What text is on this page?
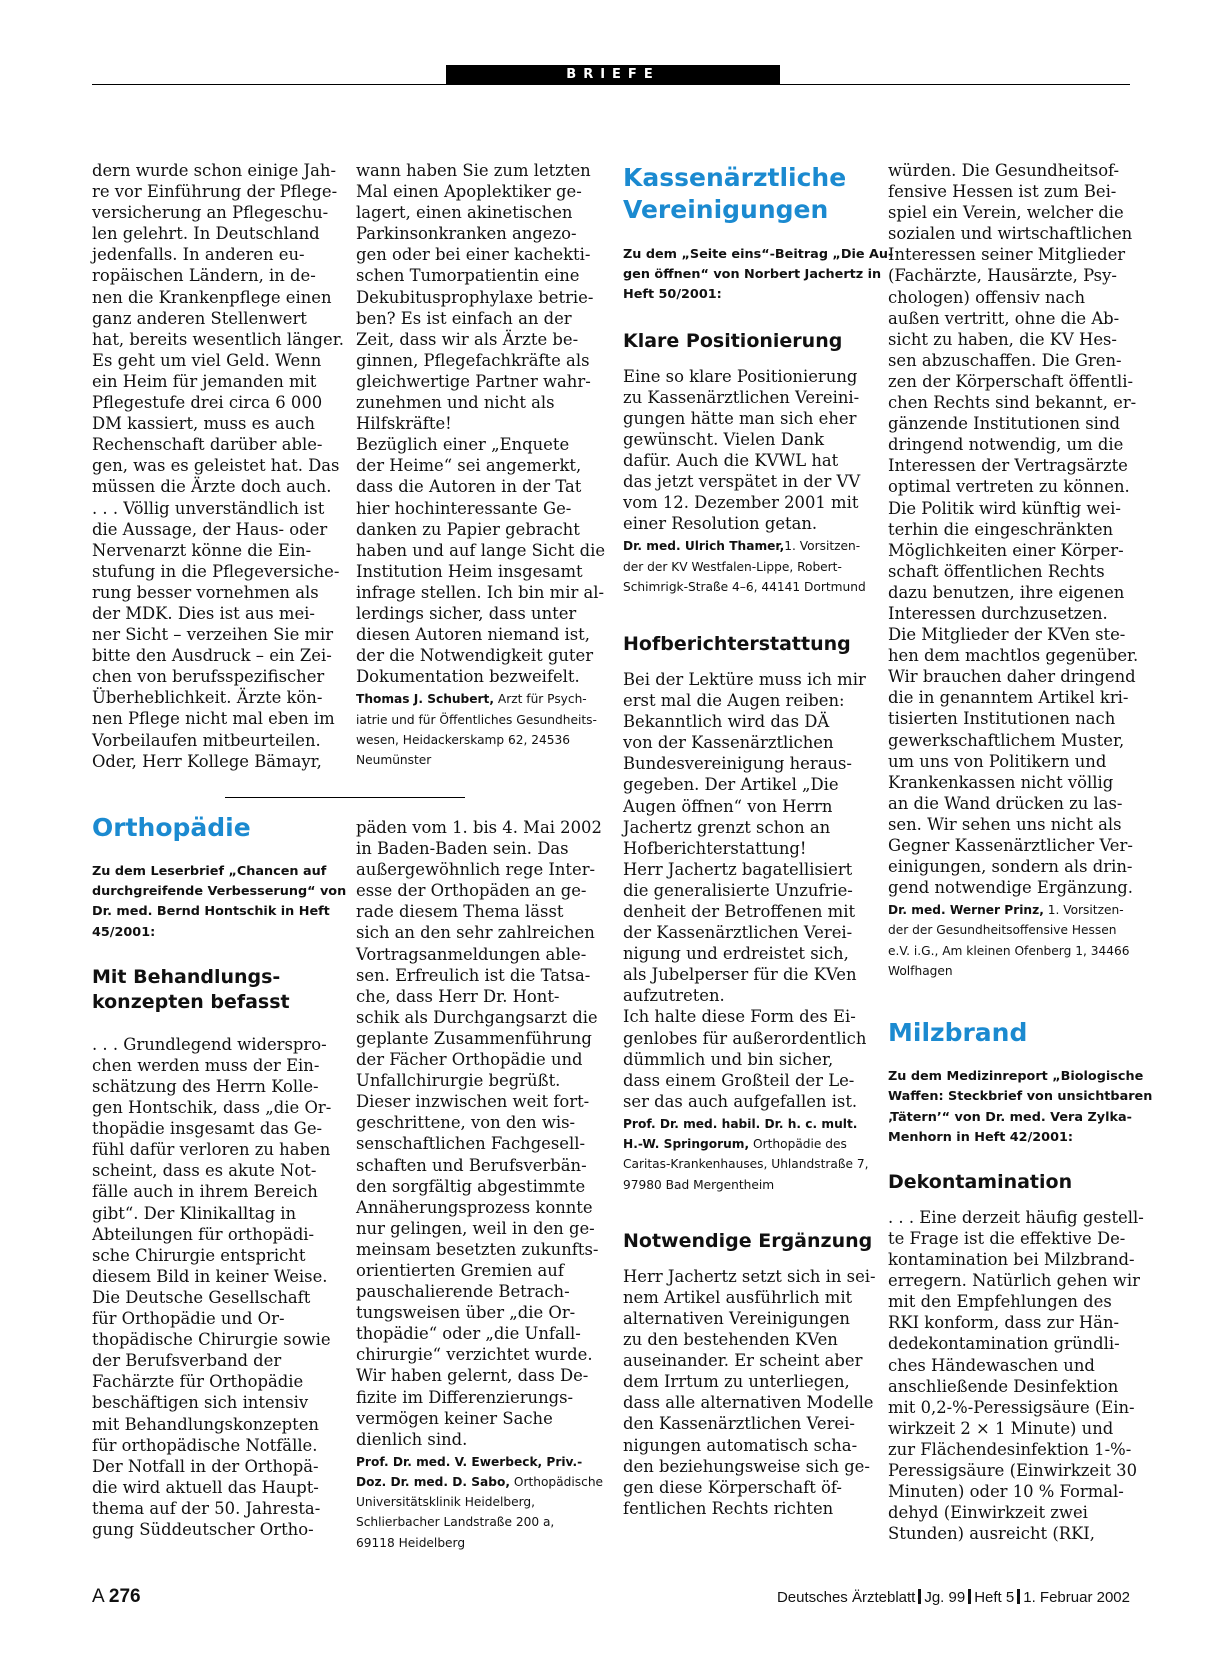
BRIEFE

dern wurde schon einige Jah-
re vor Einführung der Pflege-
versicherung an Pflegeschu-
len gelehrt. In Deutschland
jedenfalls. In anderen eu-
ropäischen Ländern, in de-
nen die Krankenpflege einen
ganz anderen Stellenwert
hat, bereits wesentlich länger.
Es geht um viel Geld. Wenn
ein Heim für jemanden mit
Pflegestufe drei circa 6 000
DM kassiert, muss es auch
Rechenschaft darüber able-
gen, was es geleistet hat. Das
müssen die Ärzte doch auch.
. . . Völlig unverständlich ist
die Aussage, der Haus- oder
Nervenarzt könne die Ein-
stufung in die Pflegeversiche-
rung besser vornehmen als
der MDK. Dies ist aus mei-
ner Sicht – verzeihen Sie mir
bitte den Ausdruck – ein Zei-
chen von berufsspezifischer
Überheblichkeit. Ärzte kön-
nen Pflege nicht mal eben im
Vorbeilaufen mitbeurteilen.
Oder, Herr Kollege Bämayr,

wann haben Sie zum letzten
Mal einen Apoplektiker ge-
lagert, einen akinetischen
Parkinsonkranken angezo-
gen oder bei einer kachekti-
schen Tumorpatientin eine
Dekubitusprophylaxe betrie-
ben? Es ist einfach an der
Zeit, dass wir als Ärzte be-
ginnen, Pflegefachkräfte als
gleichwertige Partner wahr-
zunehmen und nicht als
Hilfskräfte!
Bezüglich einer „Enquete
der Heime“ sei angemerkt,
dass die Autoren in der Tat
hier hochinteressante Ge-
danken zu Papier gebracht
haben und auf lange Sicht die
Institution Heim insgesamt
infrage stellen. Ich bin mir al-
lerdings sicher, dass unter
diesen Autoren niemand ist,
der die Notwendigkeit guter
Dokumentation bezweifelt.

Thomas J. Schubert, Arzt für Psych-
iatrie und für Öffentliches Gesundheits-
wesen, Heidackerskamp 62, 24536
Neumünster

Orthopädie

Zu dem Leserbrief „Chancen auf
durchgreifende Verbesserung“ von
Dr. med. Bernd Hontschik in Heft
45/2001:

Mit Behandlungs-
konzepten befasst

. . . Grundlegend widerspro-
chen werden muss der Ein-
schätzung des Herrn Kolle-
gen Hontschik, dass „die Or-
thopädie insgesamt das Ge-
fühl dafür verloren zu haben
scheint, dass es akute Not-
fälle auch in ihrem Bereich
gibt“. Der Klinikalltag in
Abteilungen für orthopädi-
sche Chirurgie entspricht
diesem Bild in keiner Weise.
Die Deutsche Gesellschaft
für Orthopädie und Or-
thopädische Chirurgie sowie
der Berufsverband der
Fachärzte für Orthopädie
beschäftigen sich intensiv
mit Behandlungskonzepten
für orthopädische Notfälle.
Der Notfall in der Orthopä-
die wird aktuell das Haupt-
thema auf der 50. Jahresta-
gung Süddeutscher Ortho-

päden vom 1. bis 4. Mai 2002
in Baden-Baden sein. Das
außergewöhnlich rege Inter-
esse der Orthopäden an ge-
rade diesem Thema lässt
sich an den sehr zahlreichen
Vortragsanmeldungen able-
sen. Erfreulich ist die Tatsa-
che, dass Herr Dr. Hont-
schik als Durchgangsarzt die
geplante Zusammenführung
der Fächer Orthopädie und
Unfallchirurgie begrüßt.
Dieser inzwischen weit fort-
geschrittene, von den wis-
senschaftlichen Fachgesell-
schaften und Berufsverbän-
den sorgfältig abgestimmte
Annäherungsprozess konnte
nur gelingen, weil in den ge-
meinsam besetzten zukunfts-
orientierten Gremien auf
pauschalierende Betrach-
tungsweisen über „die Or-
thopädie“ oder „die Unfall-
chirurgie“ verzichtet wurde.
Wir haben gelernt, dass De-
fizite im Differenzierungs-
vermögen keiner Sache
dienlich sind.

Prof. Dr. med. V. Ewerbeck, Priv.-
Doz. Dr. med. D. Sabo, Orthopädische
Universitätsklinik Heidelberg,
Schlierbacher Landstraße 200 a,
69118 Heidelberg

Kassenärztliche
Vereinigungen

Zu dem „Seite eins“-Beitrag „Die Au-
gen öffnen“ von Norbert Jachertz in
Heft 50/2001:

Klare Positionierung

Eine so klare Positionierung
zu Kassenärztlichen Vereini-
gungen hätte man sich eher
gewünscht. Vielen Dank
dafür. Auch die KVWL hat
das jetzt verspätet in der VV
vom 12. Dezember 2001 mit
einer Resolution getan.

Dr. med. Ulrich Thamer,1. Vorsitzen-
der der KV Westfalen-Lippe, Robert-
Schimrigk-Straße 4–6, 44141 Dortmund

Hofberichterstattung

Bei der Lektüre muss ich mir
erst mal die Augen reiben:
Bekanntlich wird das DÄ
von der Kassenärztlichen
Bundesvereinigung heraus-
gegeben. Der Artikel „Die
Augen öffnen“ von Herrn
Jachertz grenzt schon an
Hofberichterstattung!
Herr Jachertz bagatellisiert
die generalisierte Unzufrie-
denheit der Betroffenen mit
der Kassenärztlichen Verei-
nigung und erdreistet sich,
als Jubelperser für die KVen
aufzutreten.
Ich halte diese Form des Ei-
genlobes für außerordentlich
dümmlich und bin sicher,
dass einem Großteil der Le-
ser das auch aufgefallen ist.

Prof. Dr. med. habil. Dr. h. c. mult.
H.-W. Springorum, Orthopädie des
Caritas-Krankenhauses, Uhlandstraße 7,
97980 Bad Mergentheim

Notwendige Ergänzung

Herr Jachertz setzt sich in sei-
nem Artikel ausführlich mit
alternativen Vereinigungen
zu den bestehenden KVen
auseinander. Er scheint aber
dem Irrtum zu unterliegen,
dass alle alternativen Modelle
den Kassenärztlichen Verei-
nigungen automatisch scha-
den beziehungsweise sich ge-
gen diese Körperschaft öf-
fentlichen Rechts richten

würden. Die Gesundheitsof-
fensive Hessen ist zum Bei-
spiel ein Verein, welcher die
sozialen und wirtschaftlichen
Interessen seiner Mitglieder
(Fachärzte, Hausärzte, Psy-
chologen) offensiv nach
außen vertritt, ohne die Ab-
sicht zu haben, die KV Hes-
sen abzuschaffen. Die Gren-
zen der Körperschaft öffentli-
chen Rechts sind bekannt, er-
gänzende Institutionen sind
dringend notwendig, um die
Interessen der Vertragsärzte
optimal vertreten zu können.
Die Politik wird künftig wei-
terhin die eingeschränkten
Möglichkeiten einer Körper-
schaft öffentlichen Rechts
dazu benutzen, ihre eigenen
Interessen durchzusetzen.
Die Mitglieder der KVen ste-
hen dem machtlos gegenüber.
Wir brauchen daher dringend
die in genanntem Artikel kri-
tisierten Institutionen nach
gewerkschaftlichem Muster,
um uns von Politikern und
Krankenkassen nicht völlig
an die Wand drücken zu las-
sen. Wir sehen uns nicht als
Gegner Kassenärztlicher Ver-
einigungen, sondern als drin-
gend notwendige Ergänzung.

Dr. med. Werner Prinz, 1. Vorsitzen-
der der Gesundheitsoffensive Hessen
e.V. i.G., Am kleinen Ofenberg 1, 34466
Wolfhagen

Milzbrand

Zu dem Medizinreport „Biologische
Waffen: Steckbrief von unsichtbaren
‚Tätern’“ von Dr. med. Vera Zylka-
Menhorn in Heft 42/2001:

Dekontamination

. . . Eine derzeit häufig gestell-
te Frage ist die effektive De-
kontamination bei Milzbrand-
erregern. Natürlich gehen wir
mit den Empfehlungen des
RKI konform, dass zur Hän-
dedekontamination gründli-
ches Händewaschen und
anschließende Desinfektion
mit 0,2-%-Peressigsäure (Ein-
wirkzeit 2 × 1 Minute) und
zur Flächendesinfektion 1-%-
Peressigsäure (Einwirkzeit 30
Minuten) oder 10 % Formal-
dehyd (Einwirkzeit zwei
Stunden) ausreicht (RKI,

A 276	Deutsches Ärzteblatt Jg. 99 Heft 5 1. Februar 2002
